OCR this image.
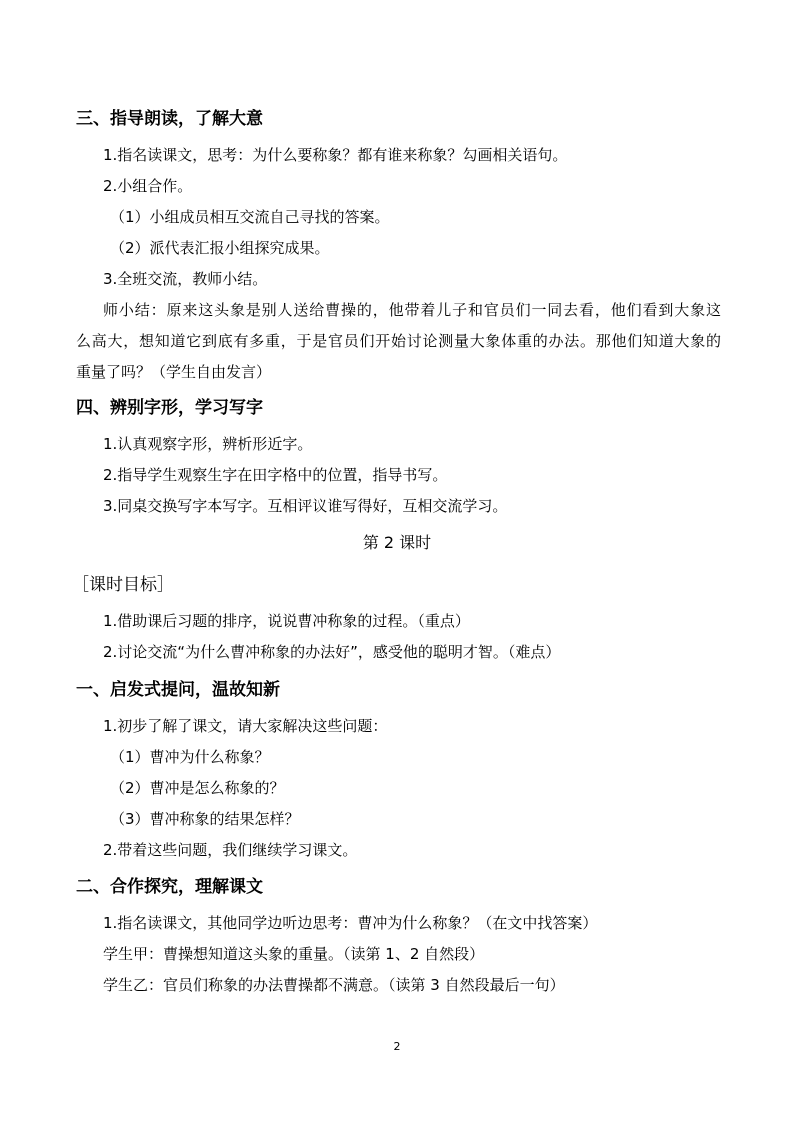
三、指导朗读，了解大意
1.指名读课文，思考：为什么要称象？都有谁来称象？勾画相关语句。
2.小组合作。
（1）小组成员相互交流自己寻找的答案。
（2）派代表汇报小组探究成果。
3.全班交流，教师小结。
师小结：原来这头象是别人送给曹操的，他带着儿子和官员们一同去看，他们看到大象这
么高大，想知道它到底有多重，于是官员们开始讨论测量大象体重的办法。那他们知道大象的
重量了吗？（学生自由发言）
四、辨别字形，学习写字
1.认真观察字形，辨析形近字。
2.指导学生观察生字在田字格中的位置，指导书写。
3.同桌交换写字本写字。互相评议谁写得好，互相交流学习。
第 2 课时
［课时目标］
1.借助课后习题的排序，说说曹冲称象的过程。（重点）
2.讨论交流“为什么曹冲称象的办法好”，感受他的聪明才智。（难点）
一、启发式提问，温故知新
1.初步了解了课文，请大家解决这些问题：
（1）曹冲为什么称象？
（2）曹冲是怎么称象的？
（3）曹冲称象的结果怎样？
2.带着这些问题，我们继续学习课文。
二、合作探究，理解课文
1.指名读课文，其他同学边听边思考：曹冲为什么称象？（在文中找答案）
学生甲：曹操想知道这头象的重量。（读第 1、2 自然段）
学生乙：官员们称象的办法曹操都不满意。（读第 3 自然段最后一句）
2
